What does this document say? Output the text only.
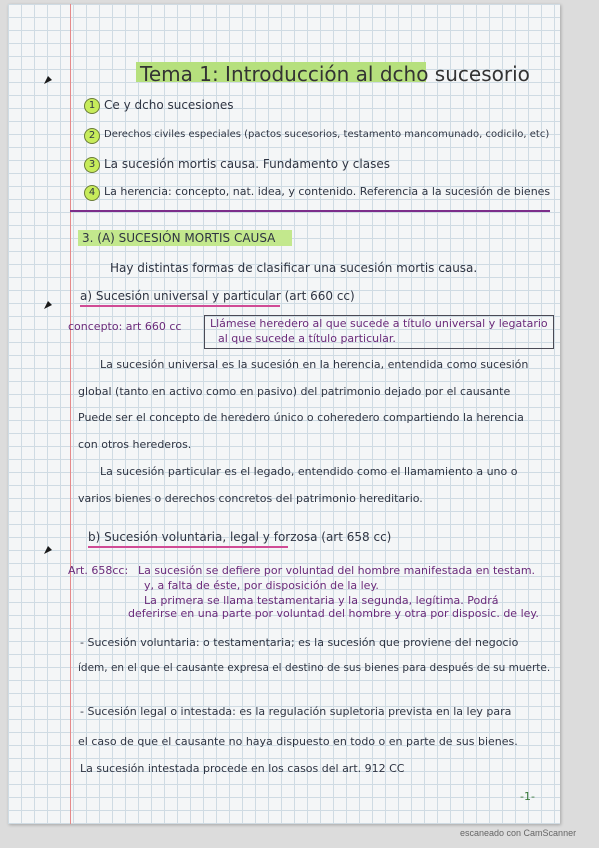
Tema 1: Introducción al dcho sucesorio
1 Ce y dcho sucesiones
2 Derechos civiles especiales (pactos sucesorios, testamento mancomunado, codicilo, etc)
3 La sucesión mortis causa. Fundamento y clases
4 La herencia: concepto, nat. idea, y contenido. Referencia a la sucesión de bienes
3. (A) SUCESIÓN MORTIS CAUSA
Hay distintas formas de clasificar una sucesión mortis causa.
a) Sucesión universal y particular (art 660 cc)
concepto: art 660 cc	Llámese heredero al que sucede a título universal y legatario
al que sucede a título particular.
La sucesión universal es la sucesión en la herencia, entendida como sucesión
global (tanto en activo como en pasivo) del patrimonio dejado por el causante
Puede ser el concepto de heredero único o coheredero compartiendo la herencia
con otros herederos.
La sucesión particular es el legado, entendido como el llamamiento a uno o
varios bienes o derechos concretos del patrimonio hereditario.
b) Sucesión voluntaria, legal y forzosa (art 658 cc)
Art. 658cc: La sucesión se defiere por voluntad del hombre manifestada en testam.
y, a falta de éste, por disposición de la ley.
La primera se llama testamentaria y la segunda, legítima. Podrá
deferirse en una parte por voluntad del hombre y otra por disposic. de ley.
- Sucesión voluntaria: o testamentaria; es la sucesión que proviene del negocio
ídem, en el que el causante expresa el destino de sus bienes para después de su muerte.
- Sucesión legal o intestada: es la regulación supletoria prevista en la ley para
el caso de que el causante no haya dispuesto en todo o en parte de sus bienes.
La sucesión intestada procede en los casos del art. 912 CC
-1-
escaneado con CamScanner
